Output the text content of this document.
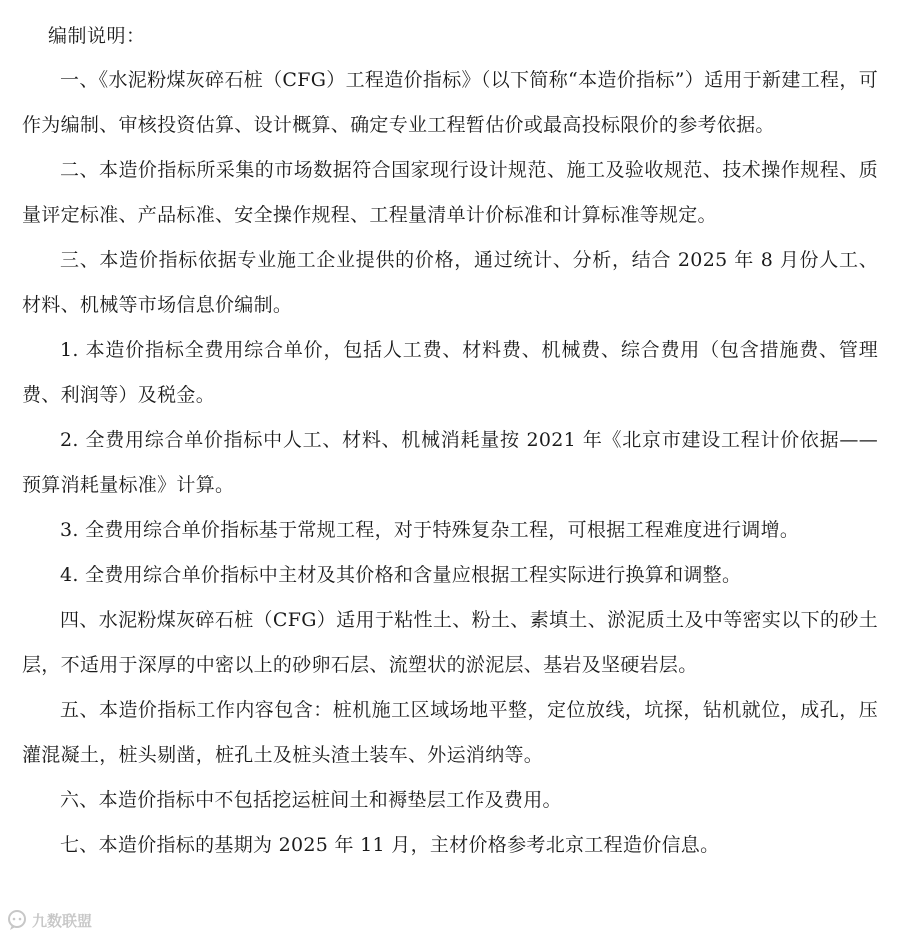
编制说明：

一、《水泥粉煤灰碎石桩（CFG）工程造价指标》（以下简称“本造价指标”）适用于新建工程，可作为编制、审核投资估算、设计概算、确定专业工程暂估价或最高投标限价的参考依据。

二、本造价指标所采集的市场数据符合国家现行设计规范、施工及验收规范、技术操作规程、质量评定标准、产品标准、安全操作规程、工程量清单计价标准和计算标准等规定。

三、本造价指标依据专业施工企业提供的价格，通过统计、分析，结合 2025 年 8 月份人工、材料、机械等市场信息价编制。

1. 本造价指标全费用综合单价，包括人工费、材料费、机械费、综合费用（包含措施费、管理费、利润等）及税金。

2. 全费用综合单价指标中人工、材料、机械消耗量按 2021 年《北京市建设工程计价依据——预算消耗量标准》计算。

3. 全费用综合单价指标基于常规工程，对于特殊复杂工程，可根据工程难度进行调增。

4. 全费用综合单价指标中主材及其价格和含量应根据工程实际进行换算和调整。

四、水泥粉煤灰碎石桩（CFG）适用于粘性土、粉土、素填土、淤泥质土及中等密实以下的砂土层，不适用于深厚的中密以上的砂卵石层、流塑状的淤泥层、基岩及坚硬岩层。

五、本造价指标工作内容包含：桩机施工区域场地平整，定位放线，坑探，钻机就位，成孔，压灌混凝土，桩头剔凿，桩孔土及桩头渣土装车、外运消纳等。

六、本造价指标中不包括挖运桩间土和褥垫层工作及费用。

七、本造价指标的基期为 2025 年 11 月，主材价格参考北京工程造价信息。

九数联盟
